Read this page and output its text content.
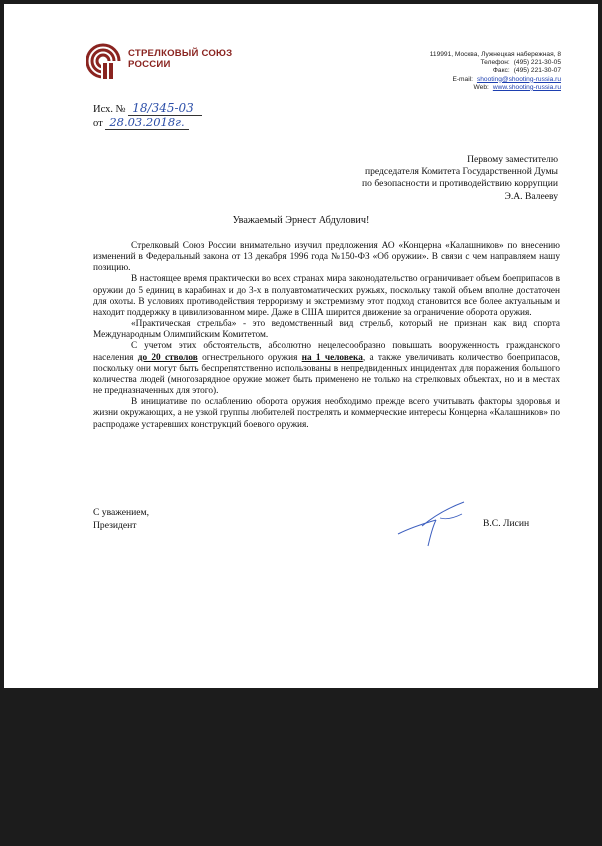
СТРЕЛКОВЫЙ СОЮЗ
РОССИИ
119991, Москва, Лужнецкая набережная, 8
Телефон: (495) 221-30-05
Факс: (495) 221-30-07
E-mail: shooting@shooting-russia.ru
Web: www.shooting-russia.ru
Исх. № 18/345-03
от 28.03.2018г.
Первому заместителю
председателя Комитета Государственной Думы
по безопасности и противодействию коррупции
Э.А. Валееву
Уважаемый Эрнест Абдулович!

Стрелковый Союз России внимательно изучил предложения АО «Концерна «Калашников» по внесению изменений в Федеральный закона от 13 декабря 1996 года №150-ФЗ «Об оружии». В связи с чем направляем нашу позицию.

В настоящее время практически во всех странах мира законодательство ограничивает объем боеприпасов в оружии до 5 единиц в карабинах и до 3-х в полуавтоматических ружьях, поскольку такой объем вполне достаточен для охоты. В условиях противодействия терроризму и экстремизму этот подход становится все более актуальным и находит поддержку в цивилизованном мире. Даже в США ширится движение за ограничение оборота оружия.

«Практическая стрельба» - это ведомственный вид стрельб, который не признан как вид спорта Международным Олимпийским Комитетом.

С учетом этих обстоятельств, абсолютно нецелесообразно повышать вооруженность гражданского населения до 20 стволов огнестрельного оружия на 1 человека, а также увеличивать количество боеприпасов, поскольку они могут быть беспрепятственно использованы в непредвиденных инцидентах для поражения большого количества людей (многозарядное оружие может быть применено не только на стрелковых объектах, но и в местах не предназначенных для этого).

В инициативе по ослаблению оборота оружия необходимо прежде всего учитывать факторы здоровья и жизни окружающих, а не узкой группы любителей пострелять и коммерческие интересы Концерна «Калашников» по распродаже устаревших конструкций боевого оружия.

С уважением,
Президент	В.С. Лисин
